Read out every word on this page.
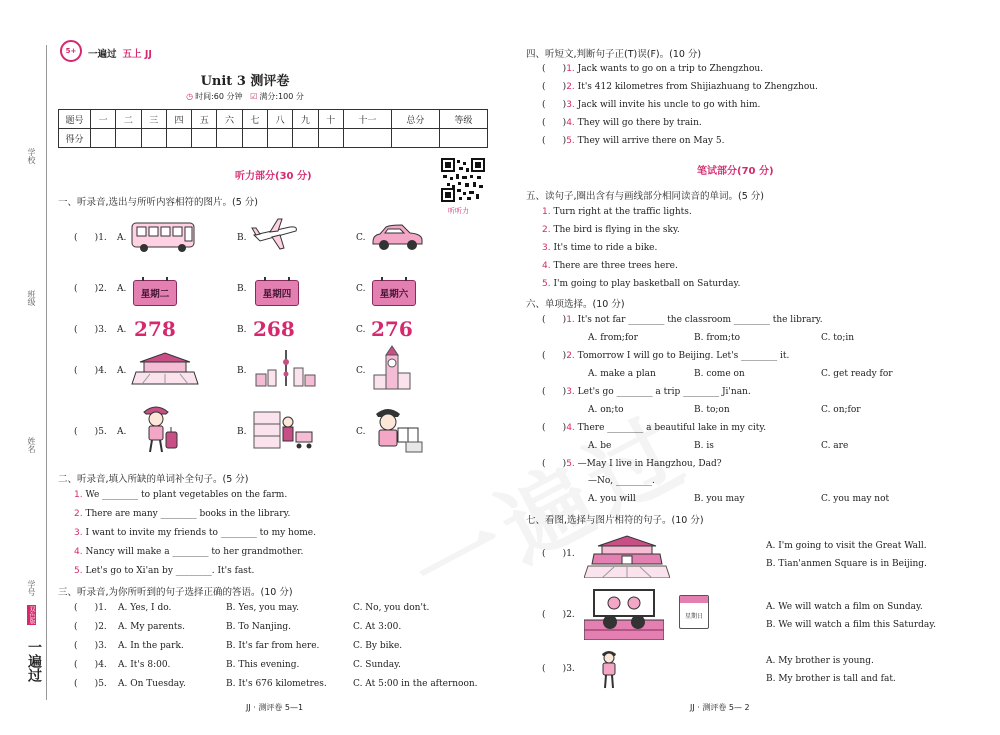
学校
班级
姓名
学号
双色版
一遍过
5+	一遍过 五上 JJ
Unit 3 测评卷
◷ 时间:60 分钟 ☑ 满分:100 分
题号	一	二	三	四	五	六	七	八	九	十	十一	总分	等级
得分													
听听力
听力部分(30 分)
一、听录音,选出与所听内容相符的图片。(5 分)
(      )1. A.	B.	C.
(      )2. A.	星期二	B.	星期四	C.	星期六
(      )3. A. 278	B. 268	C. 276
(      )4. A.	B.	C.
(      )5. A.	B.	C.
二、听录音,填入所缺的单词补全句子。(5 分)
1. We ________ to plant vegetables on the farm.
2. There are many ________ books in the library.
3. I want to invite my friends to ________ to my home.
4. Nancy will make a ________ to her grandmother.
5. Let's go to Xi'an by ________. It's fast.
三、听录音,为你所听到的句子选择正确的答语。(10 分)
(      )1. A. Yes, I do.	B. Yes, you may.	C. No, you don't.
(      )2. A. My parents.	B. To Nanjing.	C. At 3:00.
(      )3. A. In the park.	B. It's far from here.	C. By bike.
(      )4. A. It's 8:00.	B. This evening.	C. Sunday.
(      )5. A. On Tuesday.	B. It's 676 kilometres.	C. At 5:00 in the afternoon.
JJ · 测评卷 5—1
四、听短文,判断句子正(T)误(F)。(10 分)
(      )1. Jack wants to go on a trip to Zhengzhou.
(      )2. It's 412 kilometres from Shijiazhuang to Zhengzhou.
(      )3. Jack will invite his uncle to go with him.
(      )4. They will go there by train.
(      )5. They will arrive there on May 5.
笔试部分(70 分)
五、读句子,圈出含有与画线部分相同读音的单词。(5 分)
1. Turn right at the traffic lights.
2. The bird is flying in the sky.
3. It's time to ride a bike.
4. There are three trees here.
5. I'm going to play basketball on Saturday.
六、单项选择。(10 分)
(      )1. It's not far ________ the classroom ________ the library.
A. from;for	B. from;to	C. to;in
(      )2. Tomorrow I will go to Beijing. Let's ________ it.
A. make a plan	B. come on	C. get ready for
(      )3. Let's go ________ a trip ________ Ji'nan.
A. on;to	B. to;on	C. on;for
(      )4. There ________ a beautiful lake in my city.
A. be	B. is	C. are
(      )5. —May I live in Hangzhou, Dad?
—No, ________.
A. you will	B. you may	C. you may not
七、看图,选择与图片相符的句子。(10 分)
(      )1.
A. I'm going to visit the Great Wall.
B. Tian'anmen Square is in Beijing.
(      )2.	星期日
A. We will watch a film on Sunday.
B. We will watch a film this Saturday.
(      )3.
A. My brother is young.
B. My brother is tall and fat.
JJ · 测评卷 5— 2
